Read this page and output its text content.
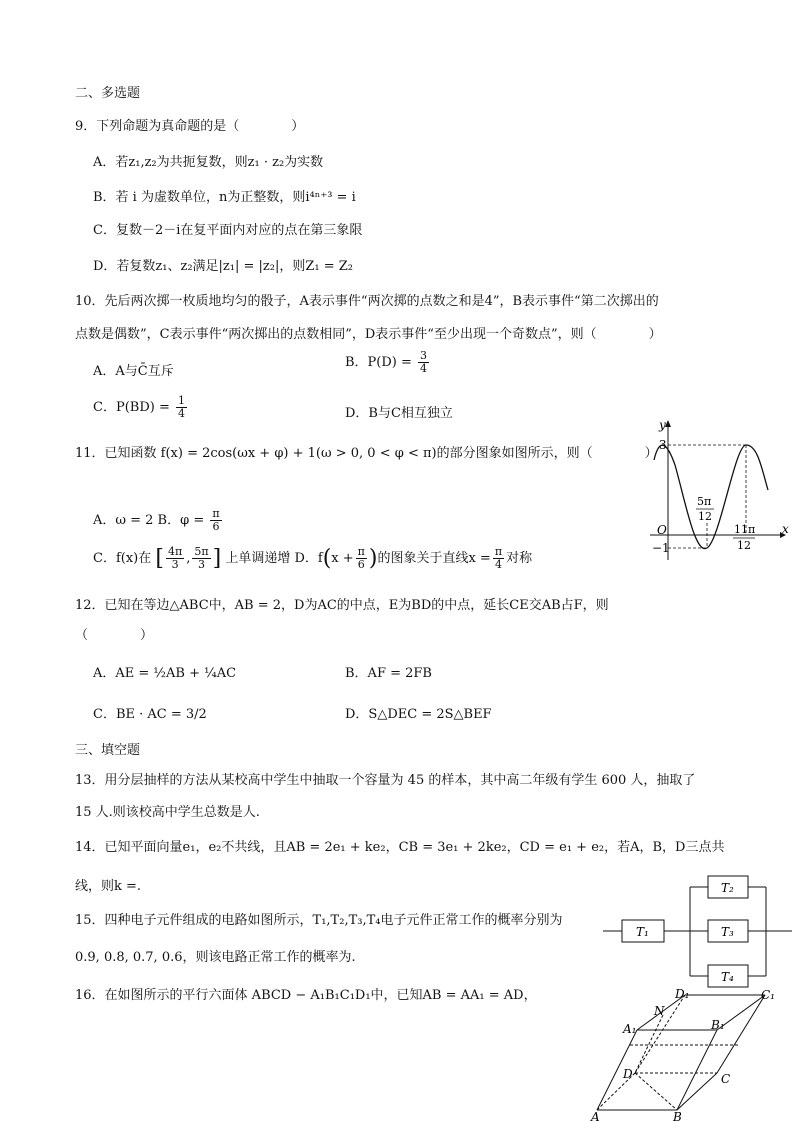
二、多选题
9．下列命题为真命题的是（　　　　）
A．若z₁,z₂为共扼复数，则z₁ · z₂为实数
B．若 i 为虚数单位，n为正整数，则i⁴ⁿ⁺³ = i
C．复数－2－i在复平面内对应的点在第三象限
D．若复数z₁、z₂满足|z₁| = |z₂|，则Z₁ = Z₂
10．先后两次掷一枚质地均匀的骰子，A表示事件“两次掷的点数之和是4”，B表示事件“第二次掷出的
点数是偶数”，C表示事件“两次掷出的点数相同”，D表示事件“至少出现一个奇数点”，则（　　　　）
A．A与C̄互斥
B．$P(D) = \frac{3}{4}$
C．$P(BD) = \frac{1}{4}$	D．B与C相互独立
11．已知函数 f(x) = 2cos(ωx + φ) + 1(ω > 0, 0 < φ < π)的部分图象如图所示，则（　　　　）
A．ω = 2 B．$\varphi = \frac{\pi}{6}$
C．f(x)在 [ $\frac{4\pi}{3}$ , $\frac{5\pi}{3}$ ] 上单调递增 D．$f(x + \frac{\pi}{6}$ )的图象关于直线$x = \frac{\pi}{4}$ 对称
y
x
O
3
−1
5π
12
11π
12
12．已知在等边△ABC中，AB = 2，D为AC的中点，E为BD的中点，延长CE交AB占F，则
（　　　　）
A．AE = ½AB + ¼AC	B．AF = 2FB
C．BE · AC = 3/2	D．S△DEC = 2S△BEF
三、填空题
13．用分层抽样的方法从某校高中学生中抽取一个容量为 45 的样本，其中高二年级有学生 600 人，抽取了
15 人.则该校高中学生总数是人.
14．已知平面向量e₁，e₂不共线，且AB = 2e₁ + ke₂，CB = 3e₁ + 2ke₂，CD = e₁ + e₂，若A，B，D三点共
线，则k =.
15．四种电子元件组成的电路如图所示，T₁,T₂,T₃,T₄电子元件正常工作的概率分别为
0.9, 0.8, 0.7, 0.6，则该电路正常工作的概率为.
T₁
T₂
T₃
T₄
16．在如图所示的平行六面体 ABCD − A₁B₁C₁D₁中，已知AB = AA₁ = AD，
A	B
C
D
A₁	B₁
C₁
D₁
N
